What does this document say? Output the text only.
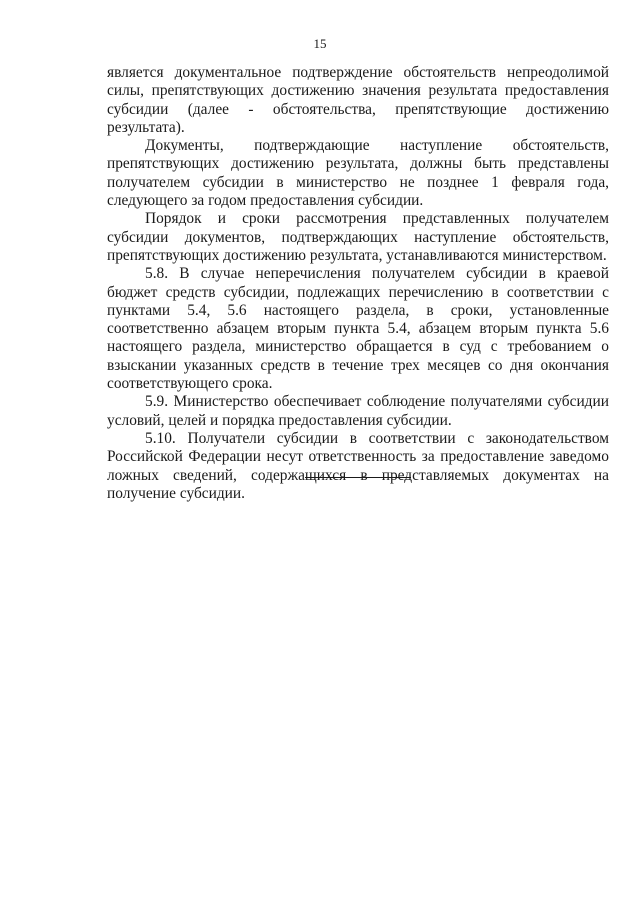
15

является документальное подтверждение обстоятельств непреодолимой силы, препятствующих достижению значения результата предоставления субсидии (далее - обстоятельства, препятствующие достижению результата).

Документы, подтверждающие наступление обстоятельств, препятствующих достижению результата, должны быть представлены получателем субсидии в министерство не позднее 1 февраля года, следующего за годом предоставления субсидии.

Порядок и сроки рассмотрения представленных получателем субсидии документов, подтверждающих наступление обстоятельств, препятствующих достижению результата, устанавливаются министерством.

5.8. В случае неперечисления получателем субсидии в краевой бюджет средств субсидии, подлежащих перечислению в соответствии с пунктами 5.4, 5.6 настоящего раздела, в сроки, установленные соответственно абзацем вторым пункта 5.4, абзацем вторым пункта 5.6 настоящего раздела, министерство обращается в суд с требованием о взыскании указанных средств в течение трех месяцев со дня окончания соответствующего срока.

5.9. Министерство обеспечивает соблюдение получателями субсидии условий, целей и порядка предоставления субсидии.

5.10. Получатели субсидии в соответствии с законодательством Российской Федерации несут ответственность за предоставление заведомо ложных сведений, содержащихся в представляемых документах на получение субсидии.
